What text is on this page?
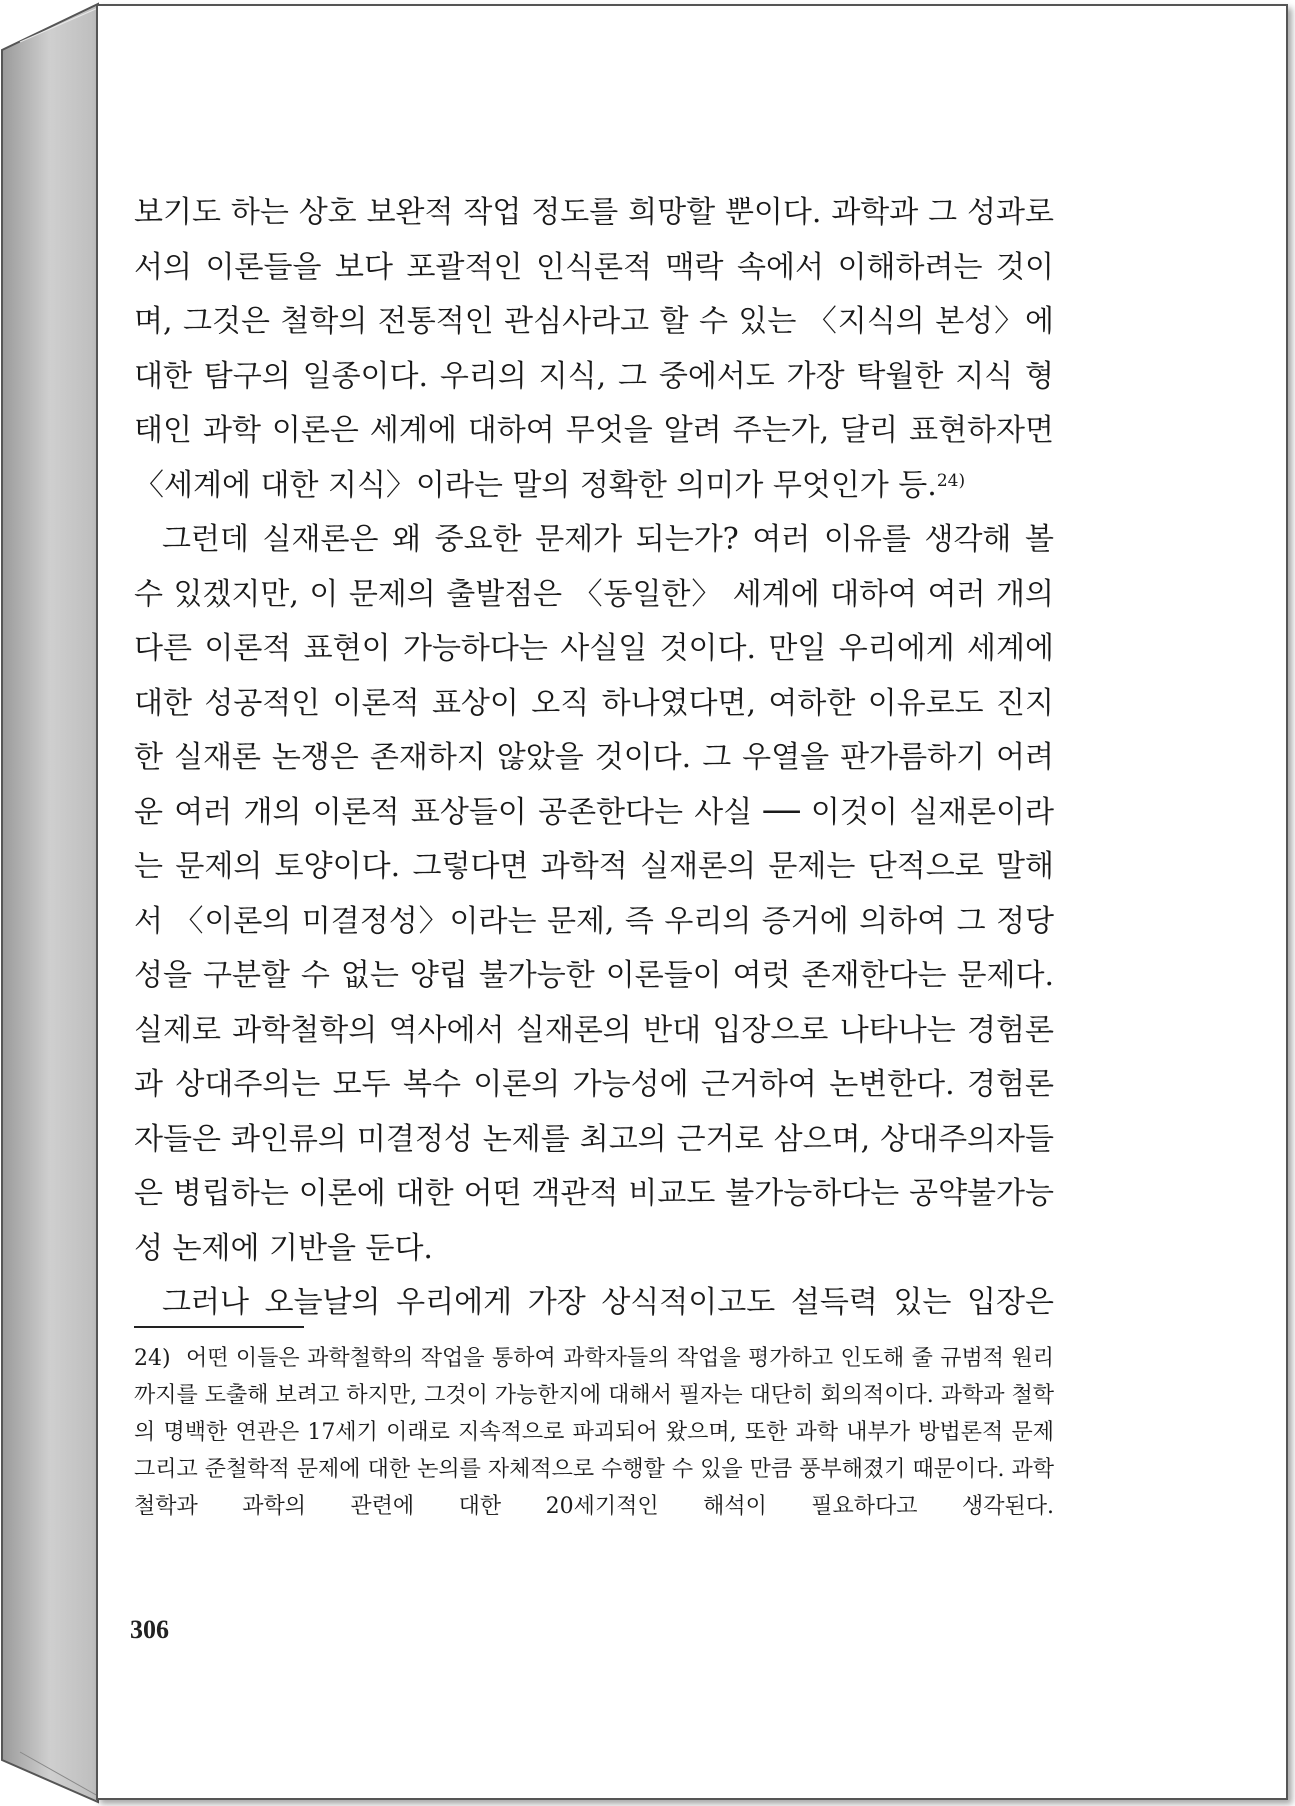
보기도 하는 상호 보완적 작업 정도를 희망할 뿐이다. 과학과 그 성과로서의 이론들을 보다 포괄적인 인식론적 맥락 속에서 이해하려는 것이며, 그것은 철학의 전통적인 관심사라고 할 수 있는 〈지식의 본성〉에 대한 탐구의 일종이다. 우리의 지식, 그 중에서도 가장 탁월한 지식 형태인 과학 이론은 세계에 대하여 무엇을 알려 주는가, 달리 표현하자면 〈세계에 대한 지식〉이라는 말의 정확한 의미가 무엇인가 등.$^{24)}$

그런데 실재론은 왜 중요한 문제가 되는가? 여러 이유를 생각해 볼 수 있겠지만, 이 문제의 출발점은 〈동일한〉 세계에 대하여 여러 개의 다른 이론적 표현이 가능하다는 사실일 것이다. 만일 우리에게 세계에 대한 성공적인 이론적 표상이 오직 하나였다면, 여하한 이유로도 진지한 실재론 논쟁은 존재하지 않았을 것이다. 그 우열을 판가름하기 어려운 여러 개의 이론적 표상들이 공존한다는 사실 ── 이것이 실재론이라는 문제의 토양이다. 그렇다면 과학적 실재론의 문제는 단적으로 말해서 〈이론의 미결정성〉이라는 문제, 즉 우리의 증거에 의하여 그 정당성을 구분할 수 없는 양립 불가능한 이론들이 여럿 존재한다는 문제다. 실제로 과학철학의 역사에서 실재론의 반대 입장으로 나타나는 경험론과 상대주의는 모두 복수 이론의 가능성에 근거하여 논변한다. 경험론자들은 콰인류의 미결정성 논제를 최고의 근거로 삼으며, 상대주의자들은 병립하는 이론에 대한 어떤 객관적 비교도 불가능하다는 공약불가능성 논제에 기반을 둔다.

그러나 오늘날의 우리에게 가장 상식적이고도 설득력 있는 입장은

24) 어떤 이들은 과학철학의 작업을 통하여 과학자들의 작업을 평가하고 인도해 줄 규범적 원리까지를 도출해 보려고 하지만, 그것이 가능한지에 대해서 필자는 대단히 회의적이다. 과학과 철학의 명백한 연관은 17세기 이래로 지속적으로 파괴되어 왔으며, 또한 과학 내부가 방법론적 문제 그리고 준철학적 문제에 대한 논의를 자체적으로 수행할 수 있을 만큼 풍부해졌기 때문이다. 과학철학과 과학의 관련에 대한 20세기적인 해석이 필요하다고 생각된다.
306
